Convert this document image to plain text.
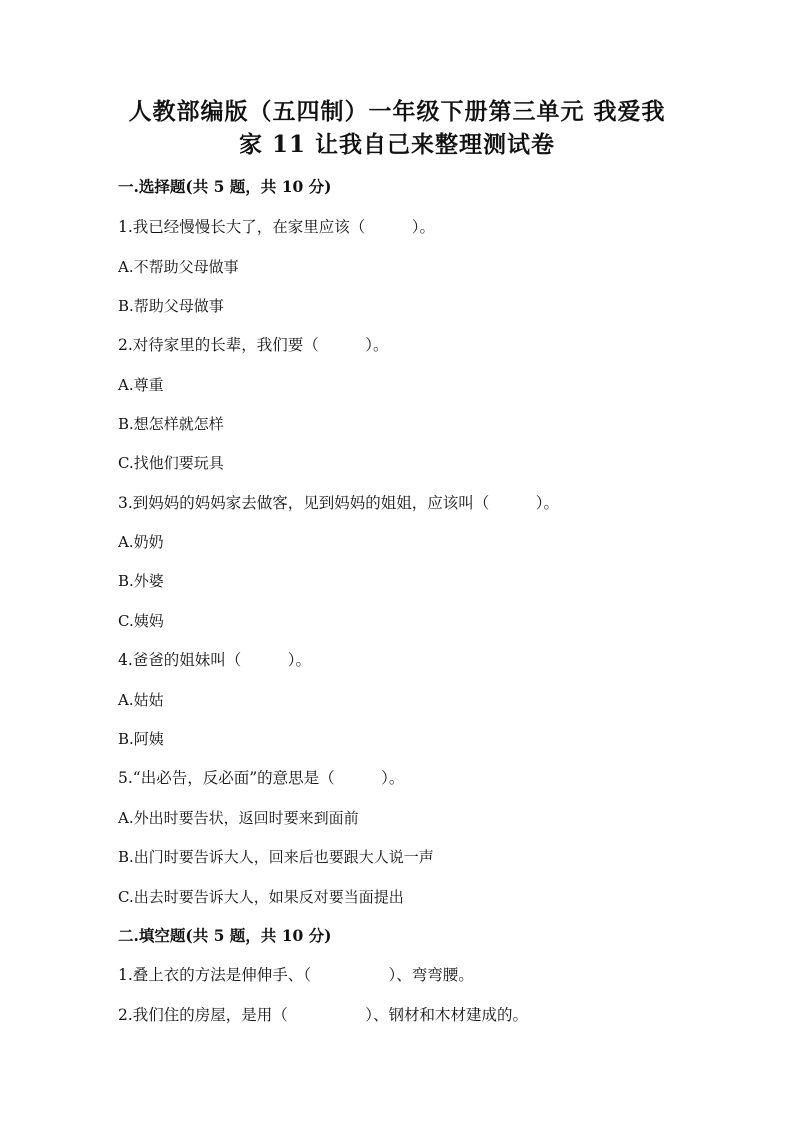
人教部编版（五四制）一年级下册第三单元 我爱我
家 11 让我自己来整理测试卷
一.选择题(共 5 题，共 10 分)
1.我已经慢慢长大了，在家里应该（　　　）。
A.不帮助父母做事
B.帮助父母做事
2.对待家里的长辈，我们要（　　　）。
A.尊重
B.想怎样就怎样
C.找他们要玩具
3.到妈妈的妈妈家去做客，见到妈妈的姐姐，应该叫（　　　）。
A.奶奶
B.外婆
C.姨妈
4.爸爸的姐妹叫（　　　）。
A.姑姑
B.阿姨
5.“出必告，反必面”的意思是（　　　）。
A.外出时要告状，返回时要来到面前
B.出门时要告诉大人，回来后也要跟大人说一声
C.出去时要告诉大人，如果反对要当面提出
二.填空题(共 5 题，共 10 分)
1.叠上衣的方法是伸伸手、（　　　　　）、弯弯腰。
2.我们住的房屋，是用（　　　　　）、钢材和木材建成的。
